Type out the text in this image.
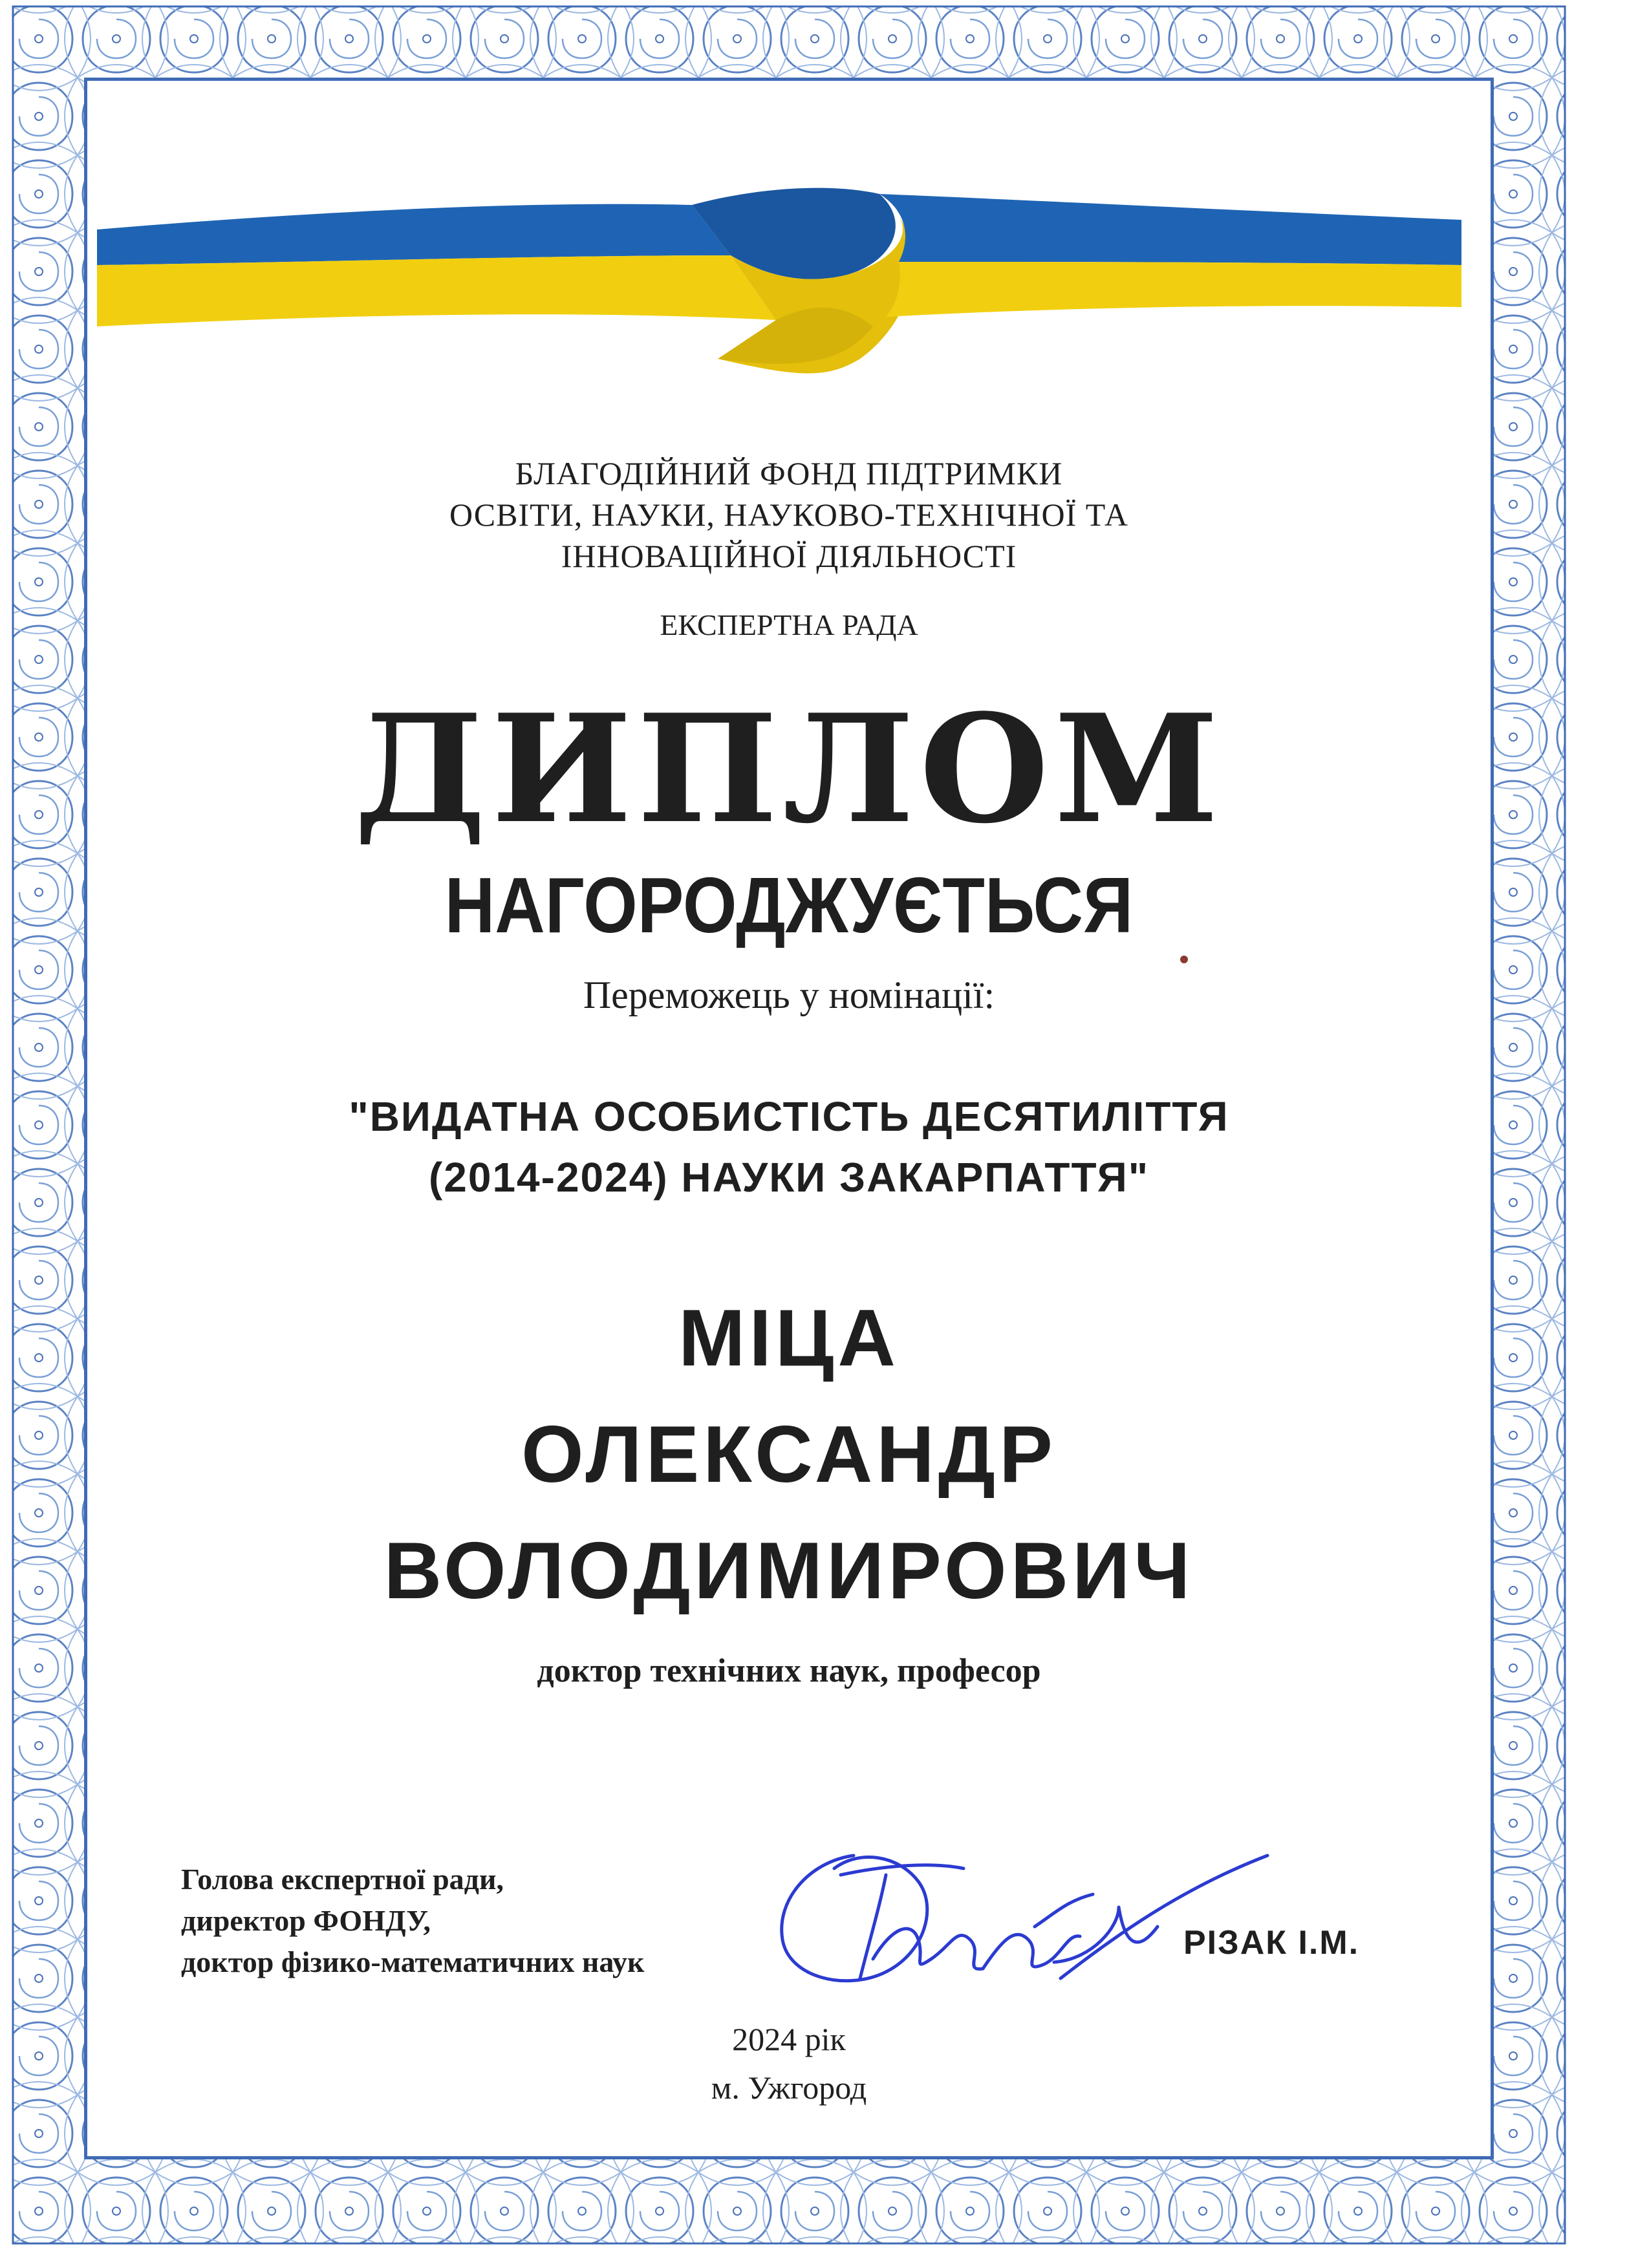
БЛАГОДІЙНИЙ ФОНД ПІДТРИМКИ
ОСВІТИ, НАУКИ, НАУКОВО-ТЕХНІЧНОЇ ТА
ІННОВАЦІЙНОЇ ДІЯЛЬНОСТІ
ЕКСПЕРТНА РАДА
ДИПЛОМ
НАГОРОДЖУЄТЬСЯ
Переможець у номінації:
"ВИДАТНА ОСОБИСТІСТЬ ДЕСЯТИЛІТТЯ
(2014-2024) НАУКИ ЗАКАРПАТТЯ"
МІЦА
ОЛЕКСАНДР
ВОЛОДИМИРОВИЧ
доктор технічних наук, професор
Голова експертної ради,
директор ФОНДУ,
доктор фізико-математичних наук
РІЗАК І.М.
2024 рік
м. Ужгород
